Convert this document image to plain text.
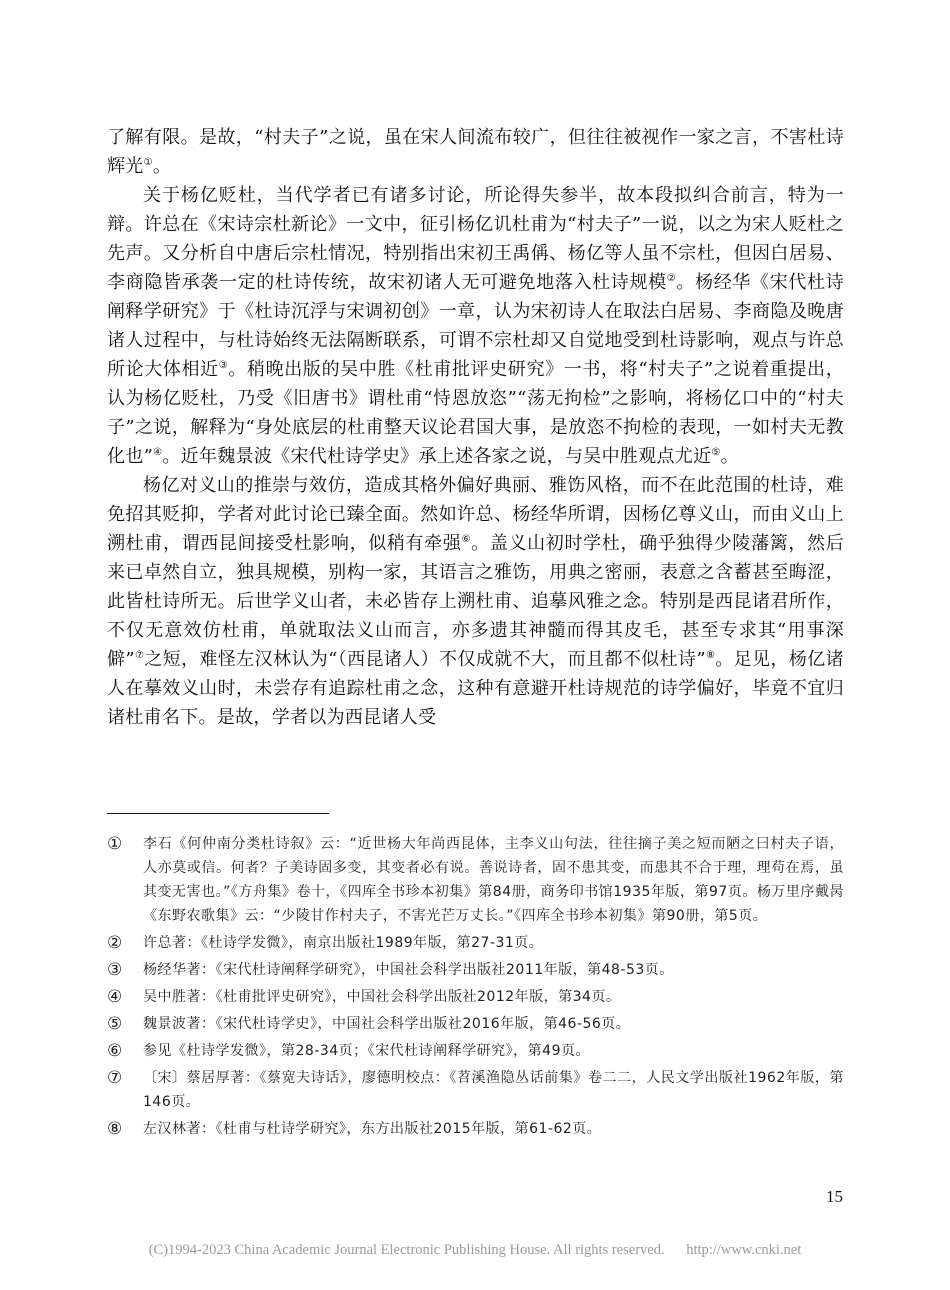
了解有限。是故，“村夫子”之说，虽在宋人间流布较广，但往往被视作一家之言，不害杜诗辉光①。

关于杨亿贬杜，当代学者已有诸多讨论，所论得失参半，故本段拟纠合前言，特为一辩。许总在《宋诗宗杜新论》一文中，征引杨亿讥杜甫为“村夫子”一说，以之为宋人贬杜之先声。又分析自中唐后宗杜情况，特别指出宋初王禹偁、杨亿等人虽不宗杜，但因白居易、李商隐皆承袭一定的杜诗传统，故宋初诸人无可避免地落入杜诗规模②。杨经华《宋代杜诗阐释学研究》于《杜诗沉浮与宋调初创》一章，认为宋初诗人在取法白居易、李商隐及晚唐诸人过程中，与杜诗始终无法隔断联系，可谓不宗杜却又自觉地受到杜诗影响，观点与许总所论大体相近③。稍晚出版的吴中胜《杜甫批评史研究》一书，将“村夫子”之说着重提出，认为杨亿贬杜，乃受《旧唐书》谓杜甫“恃恩放恣”“荡无拘检”之影响，将杨亿口中的“村夫子”之说，解释为“身处底层的杜甫整天议论君国大事，是放恣不拘检的表现，一如村夫无教化也”④。近年魏景波《宋代杜诗学史》承上述各家之说，与吴中胜观点尤近⑤。

杨亿对义山的推崇与效仿，造成其格外偏好典丽、雅饬风格，而不在此范围的杜诗，难免招其贬抑，学者对此讨论已臻全面。然如许总、杨经华所谓，因杨亿尊义山，而由义山上溯杜甫，谓西昆间接受杜影响，似稍有牵强⑥。盖义山初时学杜，确乎独得少陵藩篱，然后来已卓然自立，独具规模，别构一家，其语言之雅饬，用典之密丽，表意之含蓄甚至晦涩，此皆杜诗所无。后世学义山者，未必皆存上溯杜甫、追摹风雅之念。特别是西昆诸君所作，不仅无意效仿杜甫，单就取法义山而言，亦多遗其神髓而得其皮毛，甚至专求其“用事深僻”⑦之短，难怪左汉林认为“（西昆诸人）不仅成就不大，而且都不似杜诗”⑧。足见，杨亿诸人在摹效义山时，未尝存有追踪杜甫之念，这种有意避开杜诗规范的诗学偏好，毕竟不宜归诸杜甫名下。是故，学者以为西昆诸人受

①	李石《何仲南分类杜诗叙》云：“近世杨大年尚西昆体，主李义山句法，往往摘子美之短而陋之曰村夫子语，人亦莫或信。何者？子美诗固多变，其变者必有说。善说诗者，固不患其变，而患其不合于理，理苟在焉，虽其变无害也。”《方舟集》卷十，《四库全书珍本初集》第84册，商务印书馆1935年版，第97页。杨万里序戴昺《东野农歌集》云：“少陵甘作村夫子，不害光芒万丈长。”《四库全书珍本初集》第90册，第5页。
②	许总著：《杜诗学发微》，南京出版社1989年版，第27-31页。
③	杨经华著：《宋代杜诗阐释学研究》，中国社会科学出版社2011年版，第48-53页。
④	吴中胜著：《杜甫批评史研究》，中国社会科学出版社2012年版，第34页。
⑤	魏景波著：《宋代杜诗学史》，中国社会科学出版社2016年版，第46-56页。
⑥	参见《杜诗学发微》，第28-34页；《宋代杜诗阐释学研究》，第49页。
⑦	〔宋〕蔡居厚著：《蔡宽夫诗话》，廖德明校点：《苕溪渔隐丛话前集》卷二二，人民文学出版社1962年版，第146页。
⑧	左汉林著：《杜甫与杜诗学研究》，东方出版社2015年版，第61-62页。
15
(C)1994-2023 China Academic Journal Electronic Publishing House. All rights reserved. http://www.cnki.net
